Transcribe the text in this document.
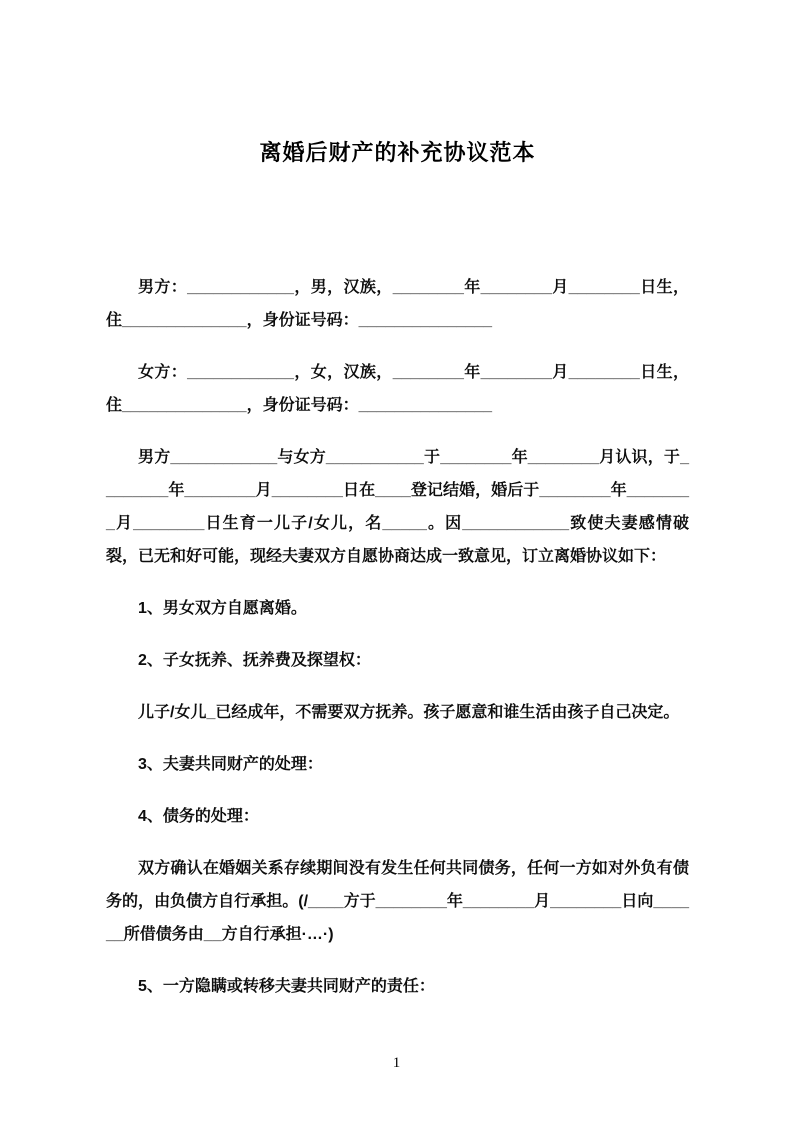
离婚后财产的补充协议范本

男方：____________，男，汉族，________年________月________日生，住______________，身份证号码：_______________

女方：____________，女，汉族，________年________月________日生，住______________，身份证号码：_______________

男方____________与女方___________于________年________月认识，于________年________月________日在____登记结婚，婚后于________年________月________日生育一儿子/女儿，名_____。因____________致使夫妻感情破裂，已无和好可能，现经夫妻双方自愿协商达成一致意见，订立离婚协议如下：

1、男女双方自愿离婚。

2、子女抚养、抚养费及探望权：

儿子/女儿_已经成年，不需要双方抚养。孩子愿意和谁生活由孩子自己决定。

3、夫妻共同财产的处理：

4、债务的处理：

双方确认在婚姻关系存续期间没有发生任何共同债务，任何一方如对外负有债务的，由负债方自行承担。(/____方于________年________月________日向______所借债务由__方自行承担·…·)

5、一方隐瞒或转移夫妻共同财产的责任：

1
